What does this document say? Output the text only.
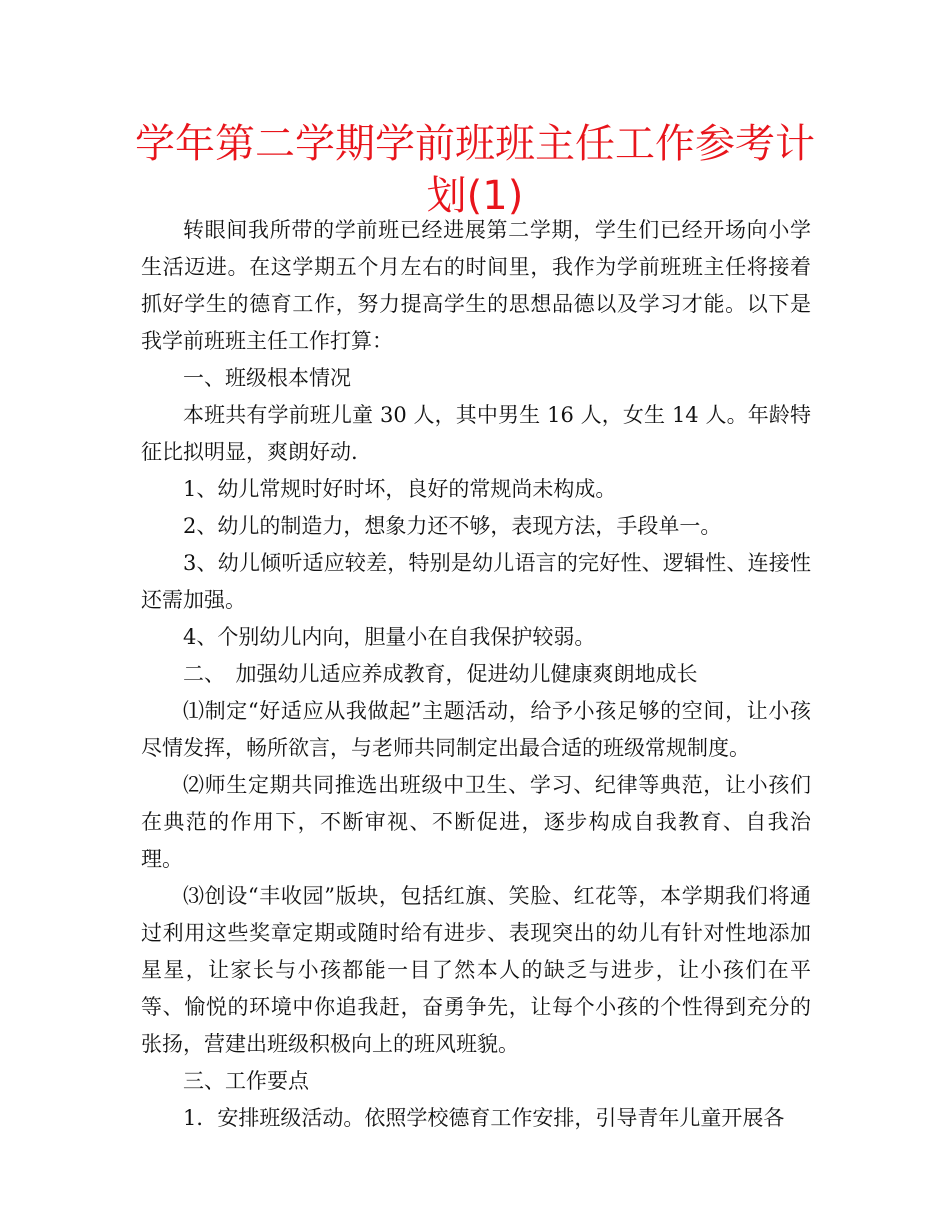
学年第二学期学前班班主任工作参考计划(1)

转眼间我所带的学前班已经进展第二学期，学生们已经开场向小学生活迈进。在这学期五个月左右的时间里，我作为学前班班主任将接着抓好学生的德育工作，努力提高学生的思想品德以及学习才能。以下是我学前班班主任工作打算：

一、班级根本情况

本班共有学前班儿童 30 人，其中男生 16 人，女生 14 人。年龄特征比拟明显，爽朗好动.

1、幼儿常规时好时坏，良好的常规尚未构成。

2、幼儿的制造力，想象力还不够，表现方法，手段单一。

3、幼儿倾听适应较差，特别是幼儿语言的完好性、逻辑性、连接性还需加强。

4、个别幼儿内向，胆量小在自我保护较弱。

二、　加强幼儿适应养成教育，促进幼儿健康爽朗地成长

⑴制定“好适应从我做起”主题活动，给予小孩足够的空间，让小孩尽情发挥，畅所欲言，与老师共同制定出最合适的班级常规制度。

⑵师生定期共同推选出班级中卫生、学习、纪律等典范，让小孩们在典范的作用下，不断审视、不断促进，逐步构成自我教育、自我治理。

⑶创设“丰收园”版块，包括红旗、笑脸、红花等，本学期我们将通过利用这些奖章定期或随时给有进步、表现突出的幼儿有针对性地添加星星，让家长与小孩都能一目了然本人的缺乏与进步，让小孩们在平等、愉悦的环境中你追我赶，奋勇争先，让每个小孩的个性得到充分的张扬，营建出班级积极向上的班风班貌。

三、工作要点

1．安排班级活动。依照学校德育工作安排，引导青年儿童开展各
